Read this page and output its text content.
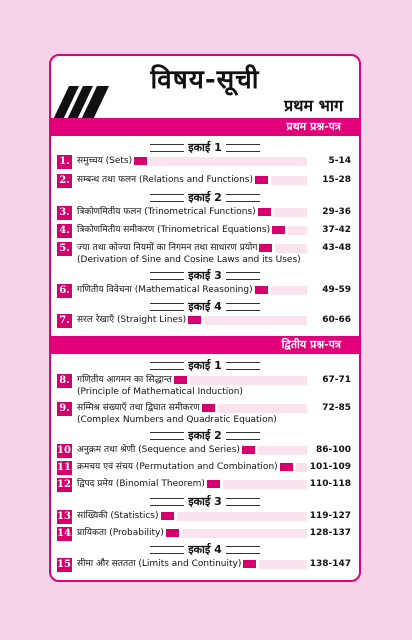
विषय-सूची
प्रथम भाग
प्रथम प्रश्न-पत्र
इकाई 1
1. समुच्चय (Sets)	5-14
2. सम्बन्ध तथा फलन (Relations and Functions)	15-28
इकाई 2
3. त्रिकोणमितीय फलन (Trinometrical Functions)	29-36
4. त्रिकोणमितीय समीकरण (Trinometrical Equations)	37-42
5. ज्या तथा कोज्या नियमों का निगमन तथा साधारण प्रयोग
(Derivation of Sine and Cosine Laws and its Uses)
43-48
इकाई 3
6. गणितीय विवेचना (Mathematical Reasoning)	49-59
इकाई 4
7. सरल रेखाएँ (Straight Lines)	60-66
द्वितीय प्रश्न-पत्र
इकाई 1
8. गणितीय आगमन का सिद्धान्त
(Principle of Mathematical Induction)
67-71
9. सम्मिश्र संख्याएँ तथा द्विघात समीकरण
(Complex Numbers and Quadratic Equation)
72-85
इकाई 2
10. अनुक्रम तथा श्रेणी (Sequence and Series)	86-100
11. क्रमचय एवं संचय (Permutation and Combination)	101-109
12. द्विपद प्रमेय (Binomial Theorem)	110-118
इकाई 3
13. सांख्यिकी (Statistics)	119-127
14. प्रायिकता (Probability)	128-137
इकाई 4
15. सीमा और सततता (Limits and Continuity)	138-147
